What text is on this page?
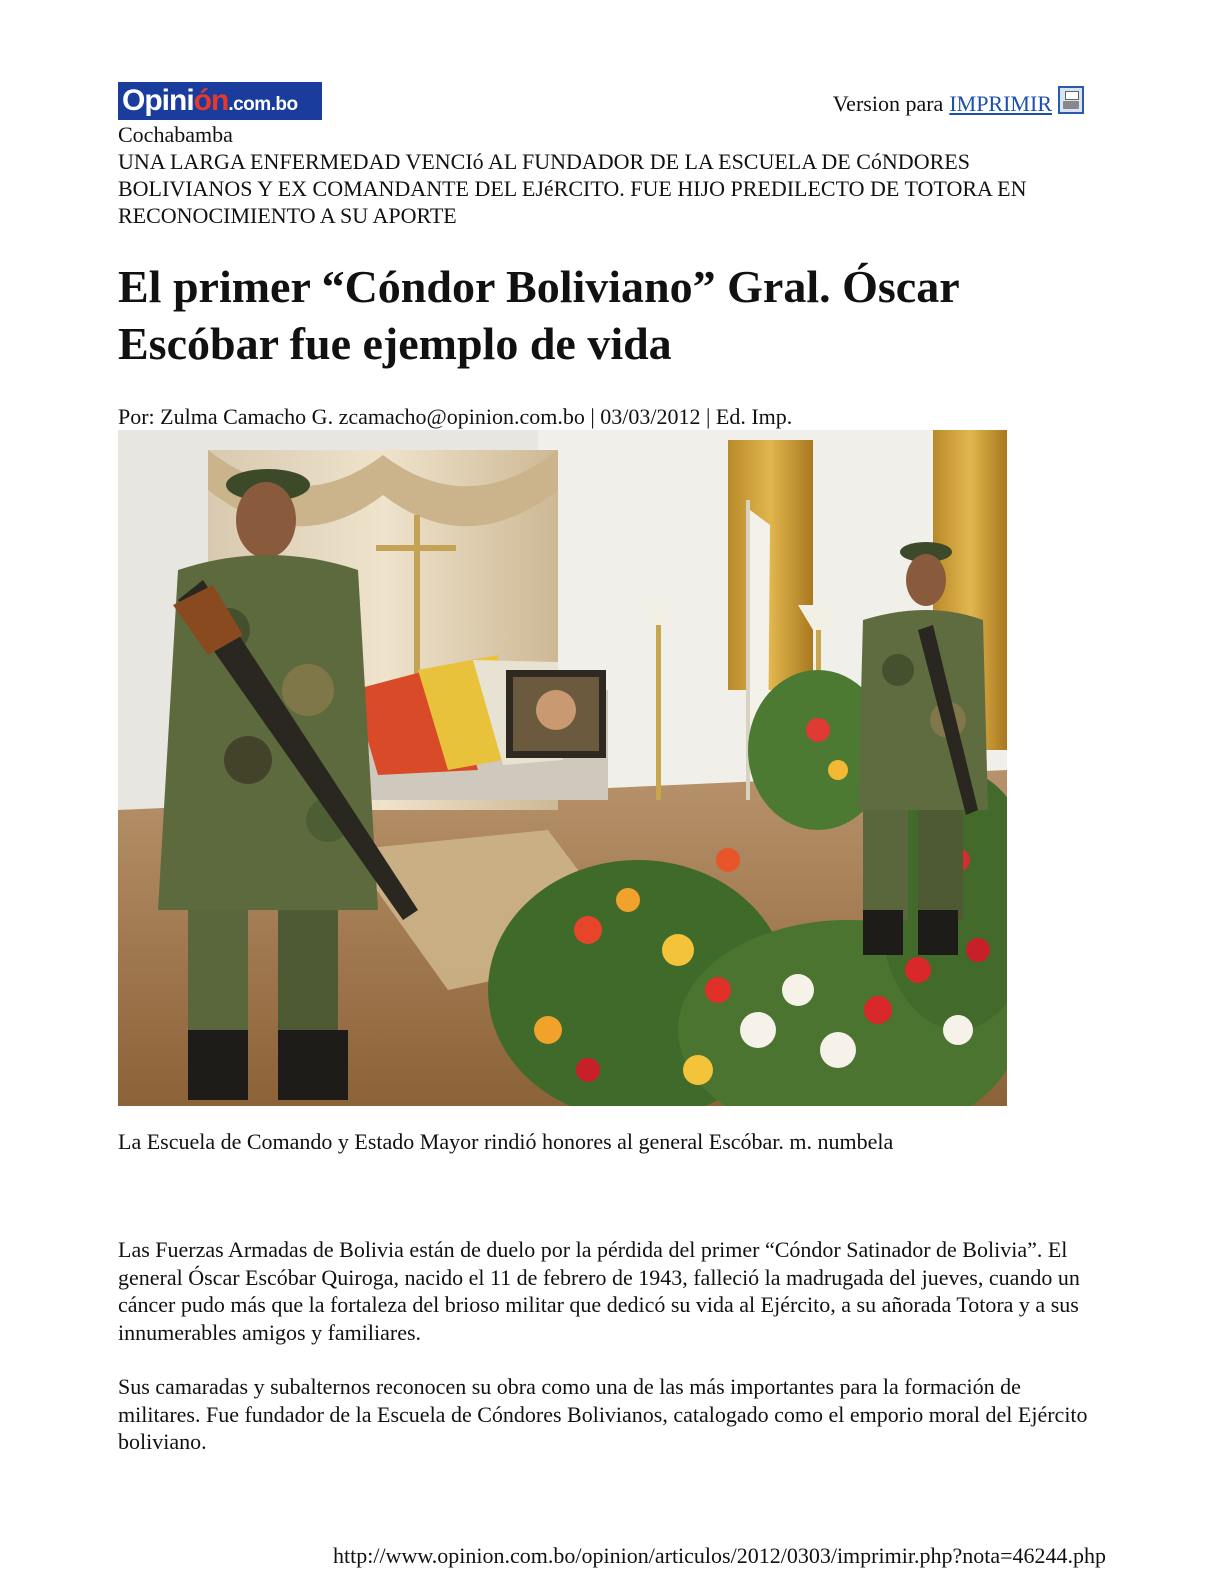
Opini ón .com.bo	Version para IMPRIMIR
Cochabamba
UNA LARGA ENFERMEDAD VENCIó AL FUNDADOR DE LA ESCUELA DE CóNDORES BOLIVIANOS Y EX COMANDANTE DEL EJéRCITO. FUE HIJO PREDILECTO DE TOTORA EN RECONOCIMIENTO A SU APORTE
El primer “Cóndor Boliviano” Gral. Óscar Escóbar fue ejemplo de vida
Por: Zulma Camacho G. zcamacho@opinion.com.bo | 03/03/2012 | Ed. Imp.
La Escuela de Comando y Estado Mayor rindió honores al general Escóbar. m. numbela

Las Fuerzas Armadas de Bolivia están de duelo por la pérdida del primer “Cóndor Satinador de Bolivia”. El general Óscar Escóbar Quiroga, nacido el 11 de febrero de 1943, falleció la madrugada del jueves, cuando un cáncer pudo más que la fortaleza del brioso militar que dedicó su vida al Ejército, a su añorada Totora y a sus innumerables amigos y familiares.

Sus camaradas y subalternos reconocen su obra como una de las más importantes para la formación de militares. Fue fundador de la Escuela de Cóndores Bolivianos, catalogado como el emporio moral del Ejército boliviano.

http://www.opinion.com.bo/opinion/articulos/2012/0303/imprimir.php?nota=46244.php
